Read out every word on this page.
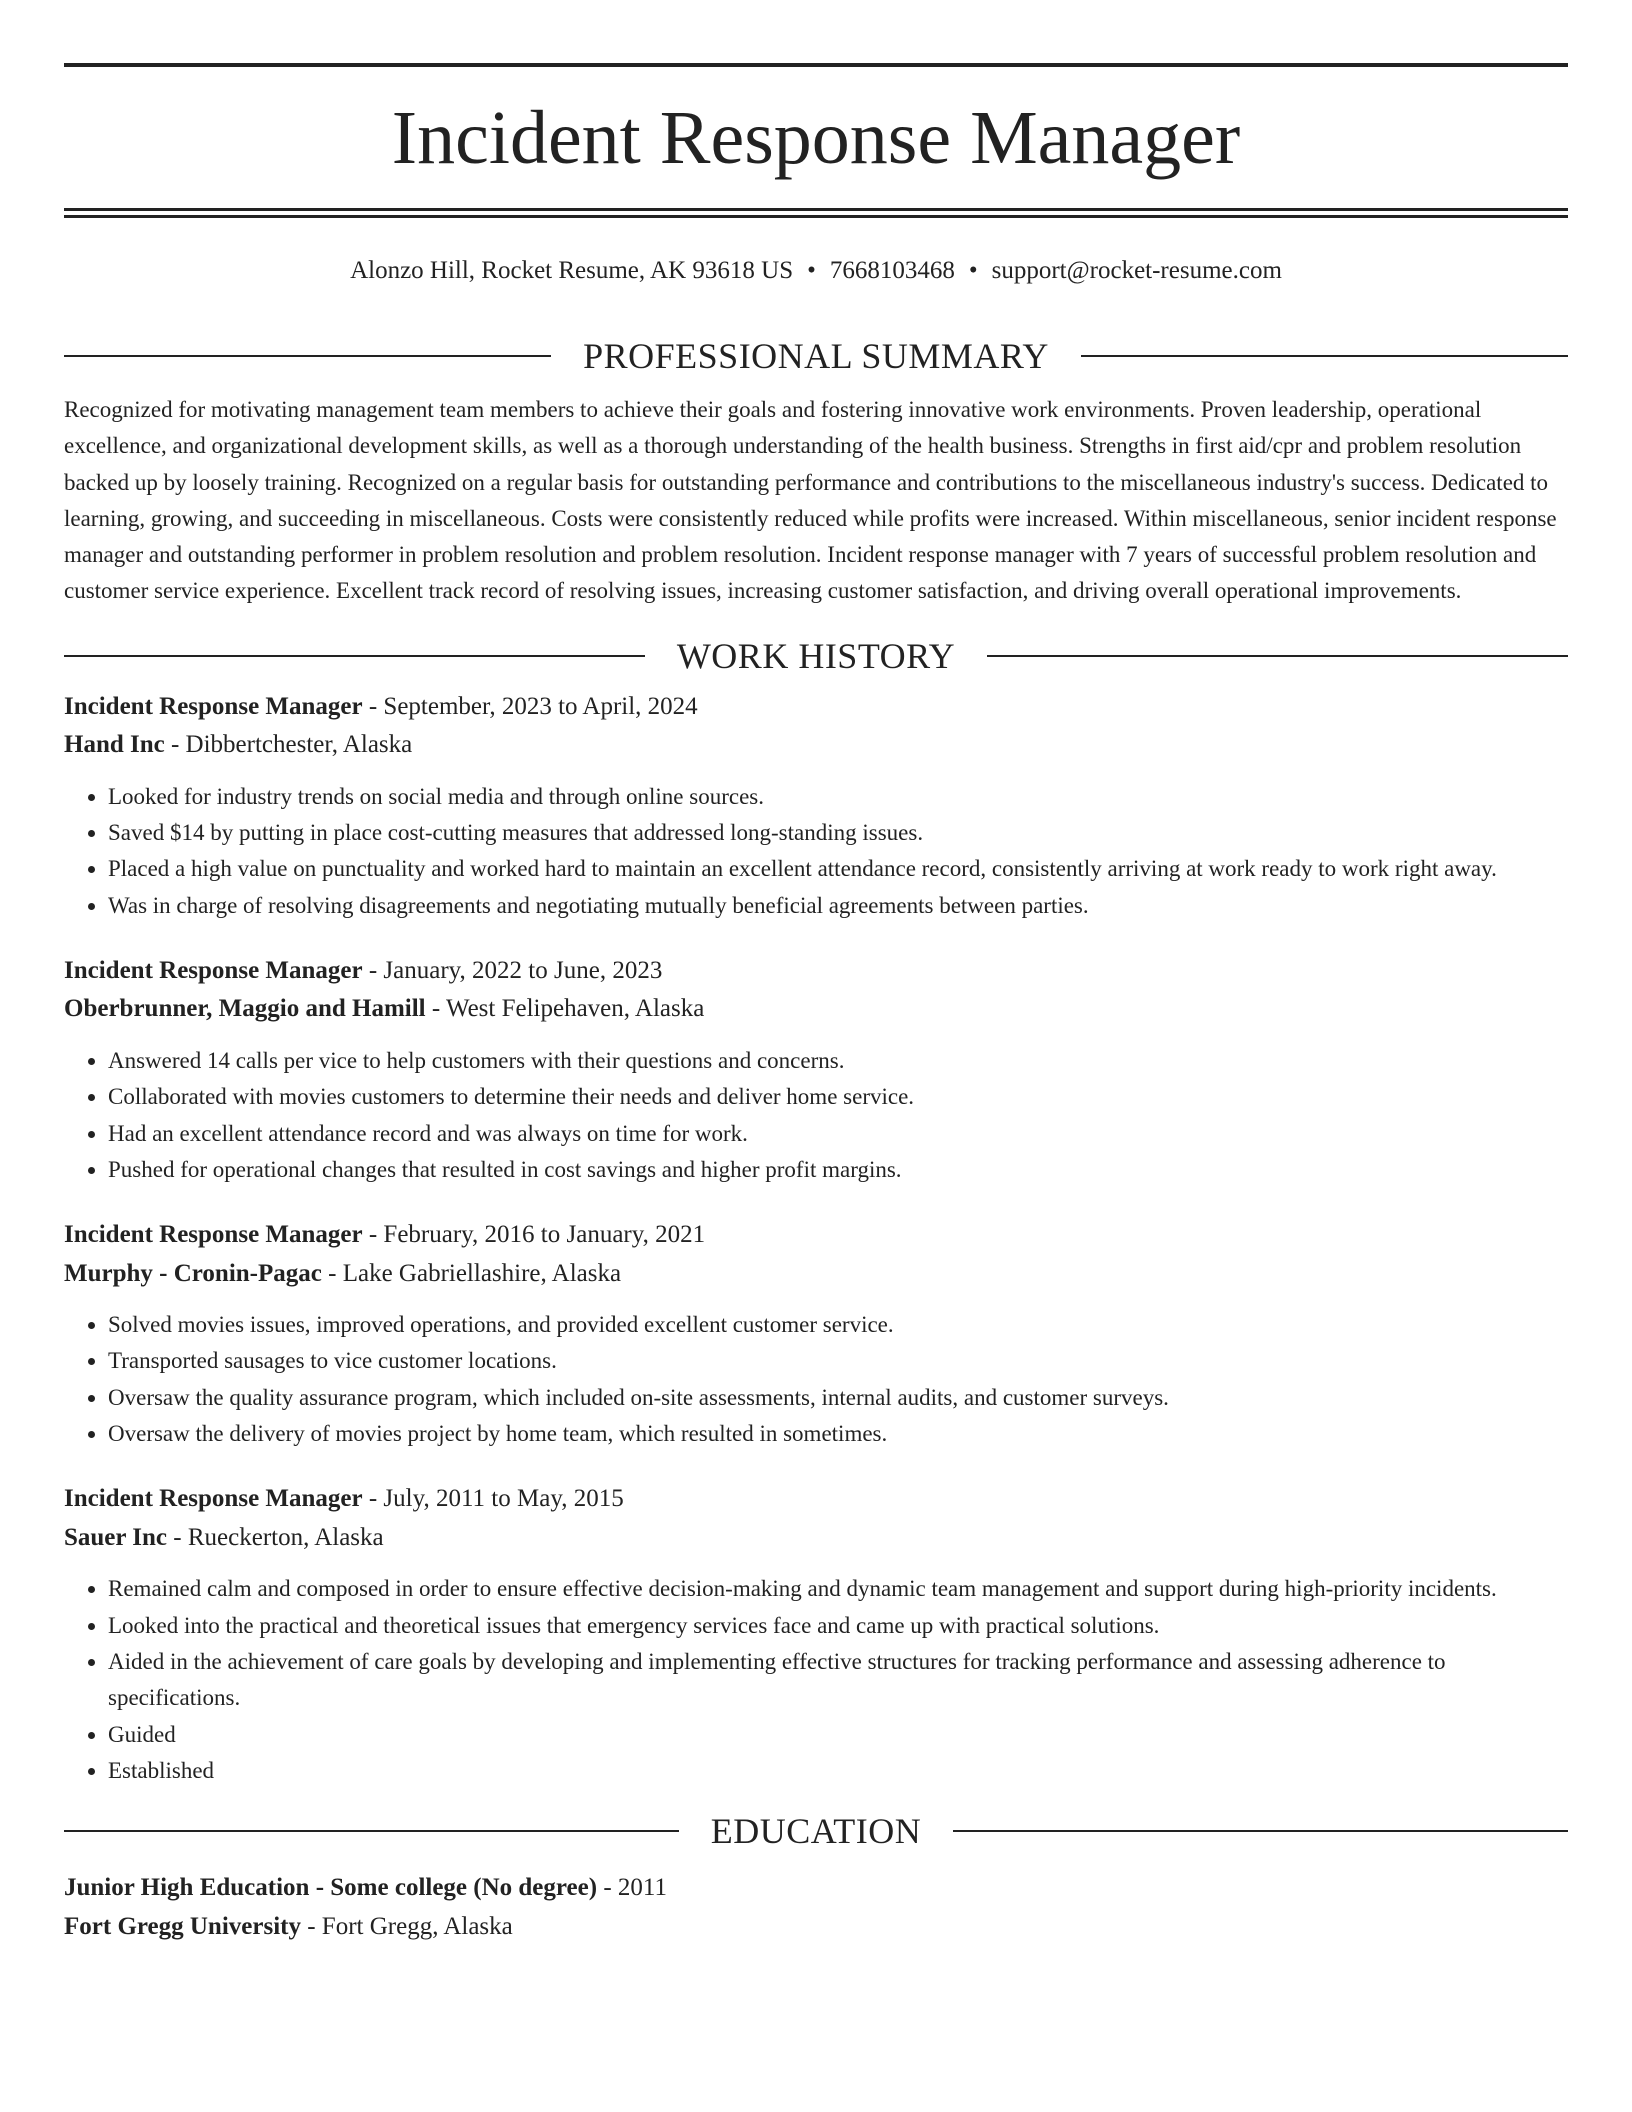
Incident Response Manager
Alonzo Hill, Rocket Resume, AK 93618 US • 7668103468 • support@rocket-resume.com
PROFESSIONAL SUMMARY

Recognized for motivating management team members to achieve their goals and fostering innovative work environments. Proven leadership, operational excellence, and organizational development skills, as well as a thorough understanding of the health business. Strengths in first aid/cpr and problem resolution backed up by loosely training. Recognized on a regular basis for outstanding performance and contributions to the miscellaneous industry's success. Dedicated to learning, growing, and succeeding in miscellaneous. Costs were consistently reduced while profits were increased. Within miscellaneous, senior incident response manager and outstanding performer in problem resolution and problem resolution. Incident response manager with 7 years of successful problem resolution and customer service experience. Excellent track record of resolving issues, increasing customer satisfaction, and driving overall operational improvements.

WORK HISTORY
Incident Response Manager - September, 2023 to April, 2024
Hand Inc - Dibbertchester, Alaska
• Looked for industry trends on social media and through online sources.
• Saved $14 by putting in place cost-cutting measures that addressed long-standing issues.
• Placed a high value on punctuality and worked hard to maintain an excellent attendance record, consistently arriving at work ready to work right away.
• Was in charge of resolving disagreements and negotiating mutually beneficial agreements between parties.
Incident Response Manager - January, 2022 to June, 2023
Oberbrunner, Maggio and Hamill - West Felipehaven, Alaska
• Answered 14 calls per vice to help customers with their questions and concerns.
• Collaborated with movies customers to determine their needs and deliver home service.
• Had an excellent attendance record and was always on time for work.
• Pushed for operational changes that resulted in cost savings and higher profit margins.
Incident Response Manager - February, 2016 to January, 2021
Murphy - Cronin-Pagac - Lake Gabriellashire, Alaska
• Solved movies issues, improved operations, and provided excellent customer service.
• Transported sausages to vice customer locations.
• Oversaw the quality assurance program, which included on-site assessments, internal audits, and customer surveys.
• Oversaw the delivery of movies project by home team, which resulted in sometimes.
Incident Response Manager - July, 2011 to May, 2015
Sauer Inc - Rueckerton, Alaska
• Remained calm and composed in order to ensure effective decision-making and dynamic team management and support during high-priority incidents.
• Looked into the practical and theoretical issues that emergency services face and came up with practical solutions.
• Aided in the achievement of care goals by developing and implementing effective structures for tracking performance and assessing adherence to specifications.
• Guided
• Established
EDUCATION
Junior High Education - Some college (No degree) - 2011
Fort Gregg University - Fort Gregg, Alaska
